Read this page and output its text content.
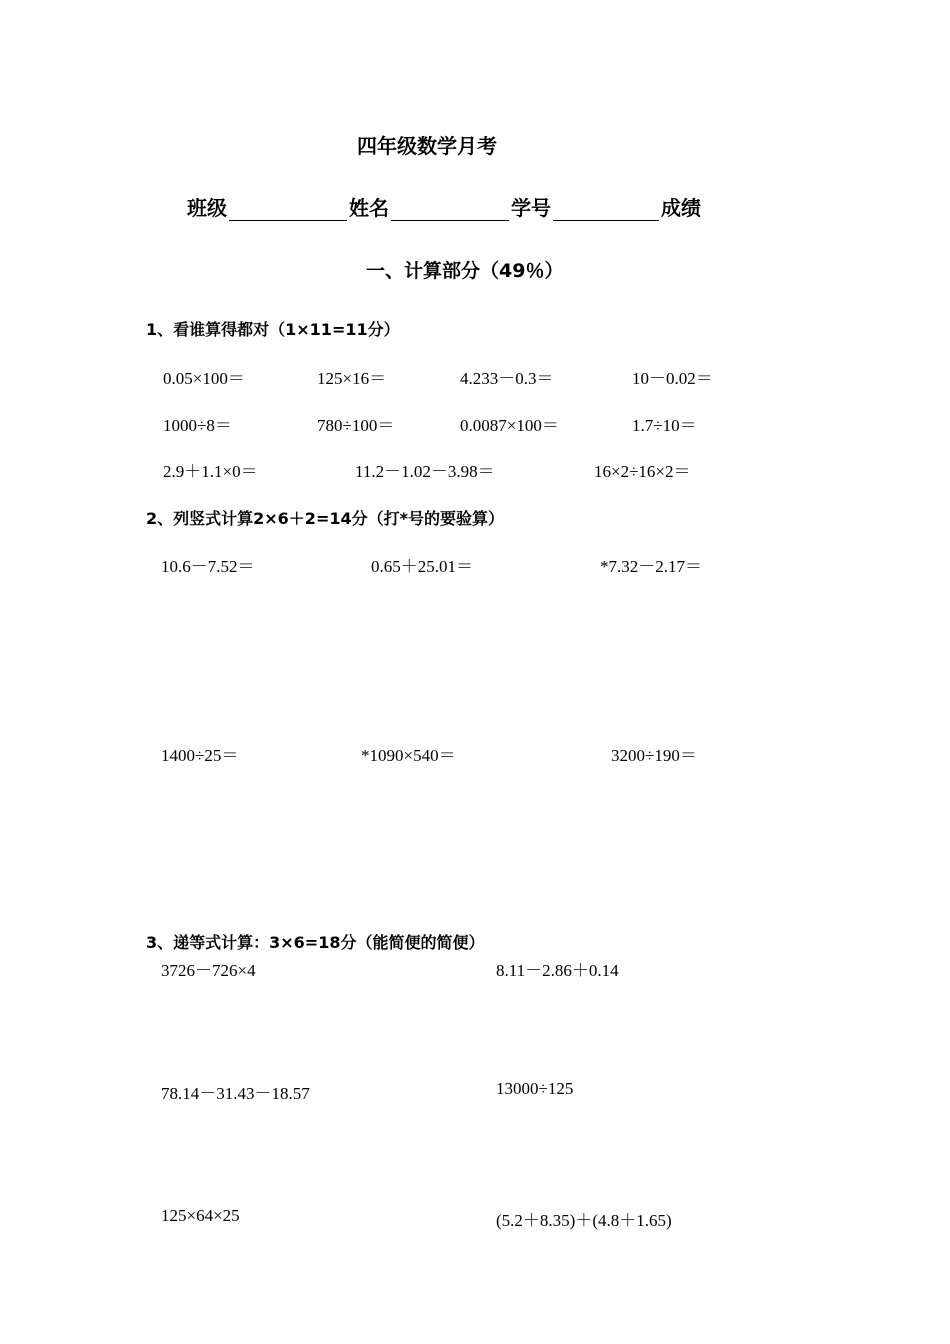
四年级数学月考
班级	姓名	学号	成绩
一、计算部分（49％）
1、看谁算得都对（1×11=11分）
0.05×100＝	125×16＝	4.233－0.3＝	10－0.02＝
1000÷8＝	780÷100＝	0.0087×100＝	1.7÷10＝
2.9＋1.1×0＝	11.2－1.02－3.98＝	16×2÷16×2＝
2、列竖式计算2×6＋2=14分（打*号的要验算）
10.6－7.52＝	0.65＋25.01＝	*7.32－2.17＝
1400÷25＝	*1090×540＝	3200÷190＝
3、递等式计算：3×6=18分（能简便的简便）
3726－726×4	8.11－2.86＋0.14
78.14－31.43－18.57	13000÷125
125×64×25	(5.2＋8.35)＋(4.8＋1.65)
